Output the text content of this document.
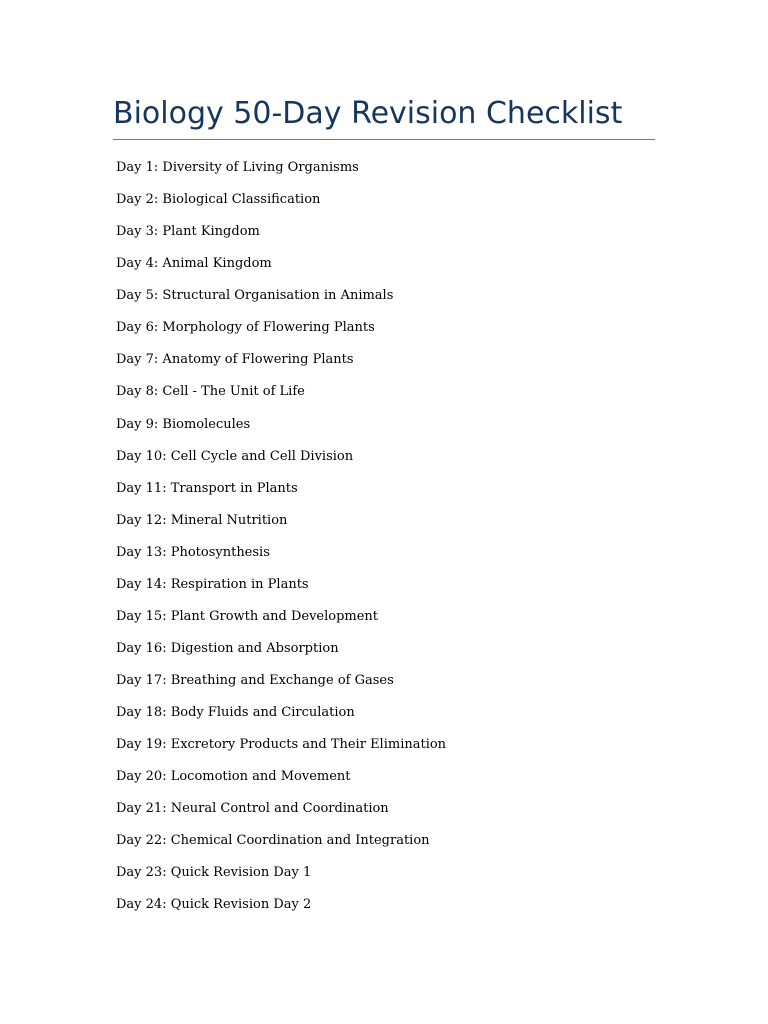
Biology 50-Day Revision Checklist
Day 1: Diversity of Living Organisms
Day 2: Biological Classification
Day 3: Plant Kingdom
Day 4: Animal Kingdom
Day 5: Structural Organisation in Animals
Day 6: Morphology of Flowering Plants
Day 7: Anatomy of Flowering Plants
Day 8: Cell - The Unit of Life
Day 9: Biomolecules
Day 10: Cell Cycle and Cell Division
Day 11: Transport in Plants
Day 12: Mineral Nutrition
Day 13: Photosynthesis
Day 14: Respiration in Plants
Day 15: Plant Growth and Development
Day 16: Digestion and Absorption
Day 17: Breathing and Exchange of Gases
Day 18: Body Fluids and Circulation
Day 19: Excretory Products and Their Elimination
Day 20: Locomotion and Movement
Day 21: Neural Control and Coordination
Day 22: Chemical Coordination and Integration
Day 23: Quick Revision Day 1
Day 24: Quick Revision Day 2
